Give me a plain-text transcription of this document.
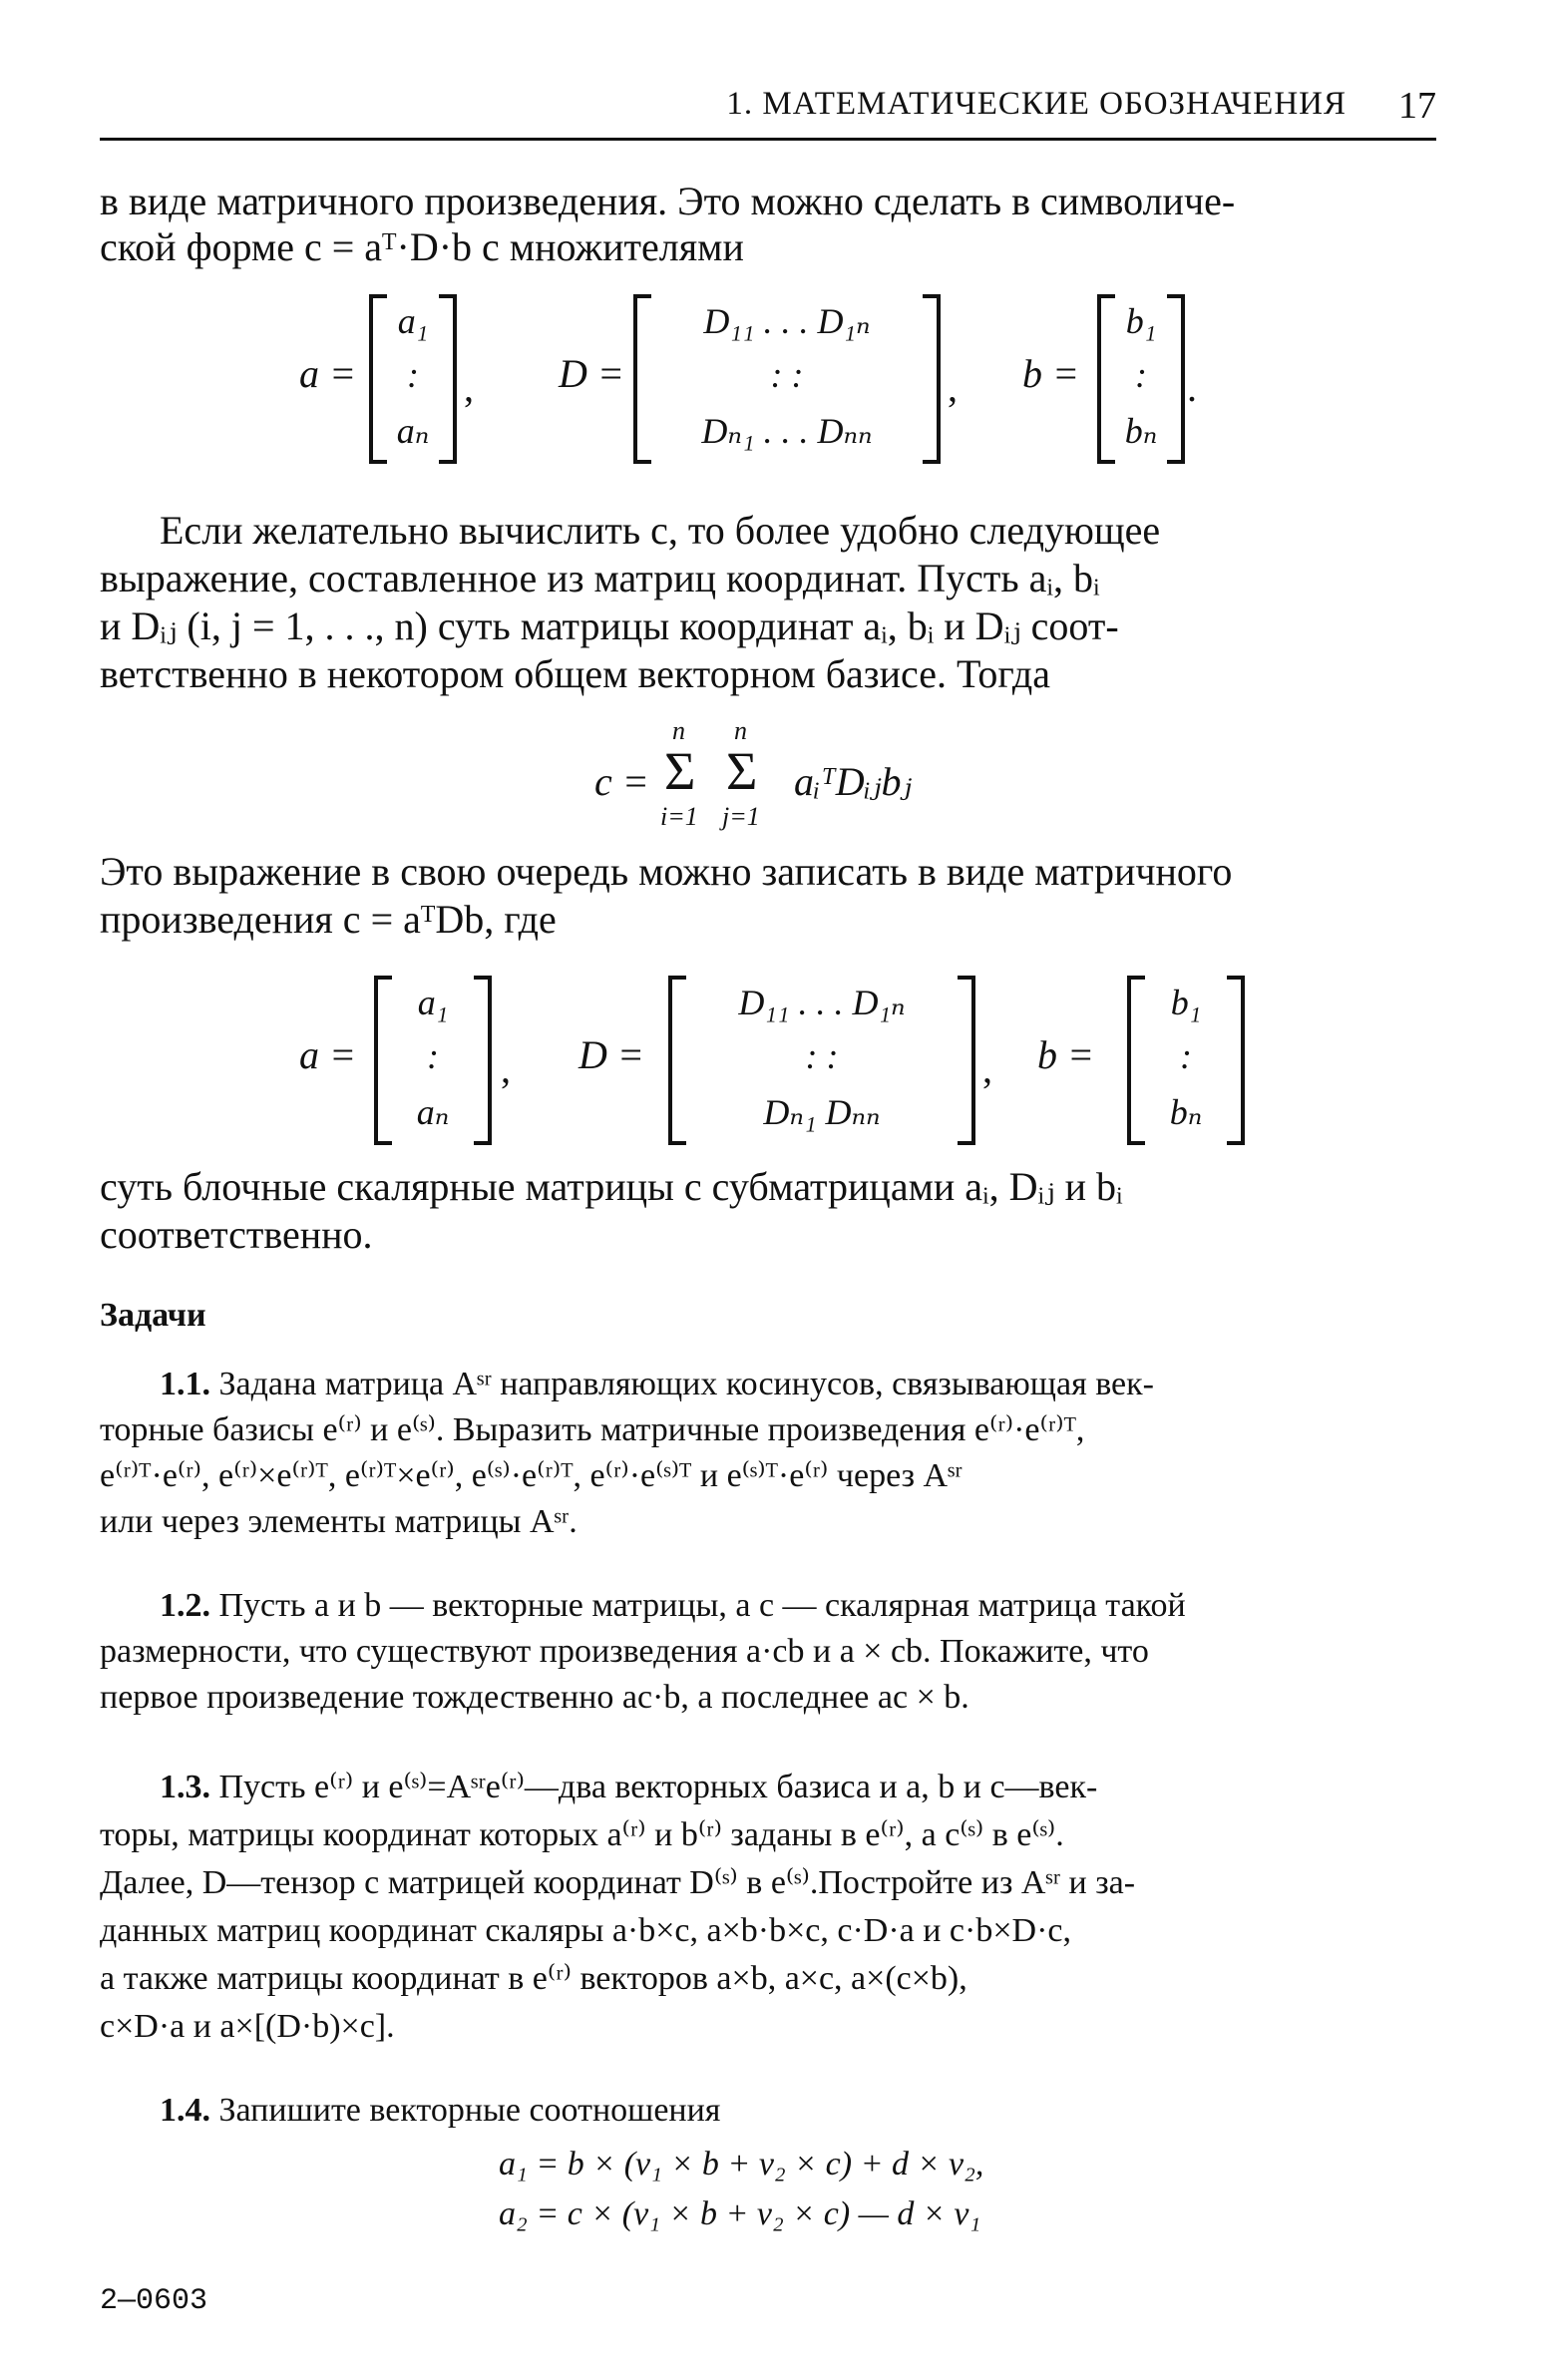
1. МАТЕМАТИЧЕСКИЕ ОБОЗНАЧЕНИЯ 17
в виде матричного произведения. Это можно сделать в символиче-
ской форме c = aᵀ·D·b с множителями
a =
a₁
:
aₙ
, D =
D₁₁ . . . D₁ₙ
: :
Dₙ₁ . . . Dₙₙ
, b =
b₁
:
bₙ
.
Если желательно вычислить c, то более удобно следующее
выражение, составленное из матриц координат. Пусть aᵢ, bᵢ
и Dᵢⱼ (i, j = 1, . . ., n) суть матрицы координат aᵢ, bᵢ и Dᵢⱼ соот-
ветственно в некотором общем векторном базисе. Тогда
c =
n
Σ
i=1
n
Σ
j=1
aᵢᵀDᵢⱼbⱼ
Это выражение в свою очередь можно записать в виде матричного
произведения c = aᵀDb, где
a =
a₁
:
aₙ
, D =
D₁₁ . . . D₁ₙ
: :
Dₙ₁ Dₙₙ
, b =
b₁
:
bₙ
суть блочные скалярные матрицы с субматрицами aᵢ, Dᵢⱼ и bᵢ
соответственно.
Задачи
1.1. Задана матрица Aˢʳ направляющих косинусов, связывающая век-
торные базисы e⁽ʳ⁾ и e⁽ˢ⁾. Выразить матричные произведения e⁽ʳ⁾·e⁽ʳ⁾ᵀ,
e⁽ʳ⁾ᵀ·e⁽ʳ⁾, e⁽ʳ⁾×e⁽ʳ⁾ᵀ, e⁽ʳ⁾ᵀ×e⁽ʳ⁾, e⁽ˢ⁾·e⁽ʳ⁾ᵀ, e⁽ʳ⁾·e⁽ˢ⁾ᵀ и e⁽ˢ⁾ᵀ·e⁽ʳ⁾ через Aˢʳ
или через элементы матрицы Aˢʳ.
1.2. Пусть a и b — векторные матрицы, а c — скалярная матрица такой
размерности, что существуют произведения a·cb и a × cb. Покажите, что
первое произведение тождественно ac·b, а последнее ac × b.
1.3. Пусть e⁽ʳ⁾ и e⁽ˢ⁾=Aˢʳe⁽ʳ⁾—два векторных базиса и a, b и c—век-
торы, матрицы координат которых a⁽ʳ⁾ и b⁽ʳ⁾ заданы в e⁽ʳ⁾, а c⁽ˢ⁾ в e⁽ˢ⁾.
Далее, D—тензор с матрицей координат D⁽ˢ⁾ в e⁽ˢ⁾.Постройте из Aˢʳ и за-
данных матриц координат скаляры a·b×c, a×b·b×c, c·D·a и c·b×D·c,
а также матрицы координат в e⁽ʳ⁾ векторов a×b, a×c, a×(c×b),
c×D·a и a×[(D·b)×c].
1.4. Запишите векторные соотношения
a₁ = b × (v₁ × b + v₂ × c) + d × v₂,
a₂ = c × (v₁ × b + v₂ × c) — d × v₁
2—0603
